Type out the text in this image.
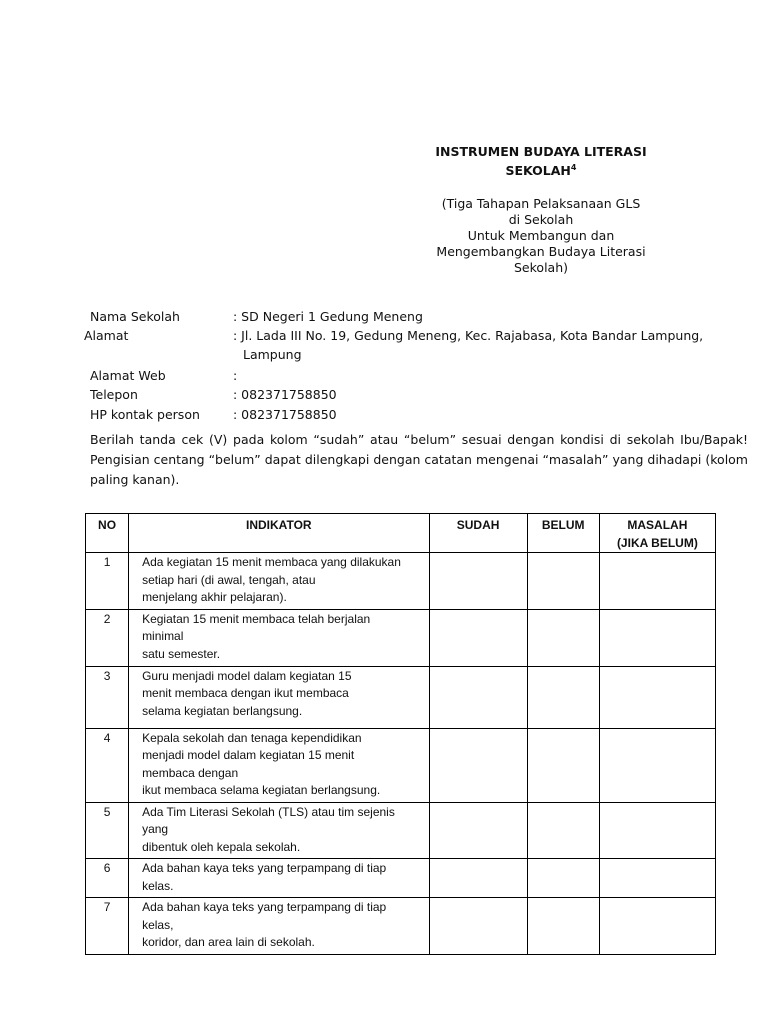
INSTRUMEN BUDAYA LITERASI
SEKOLAH$^4$
(Tiga Tahapan Pelaksanaan GLS
di Sekolah
Untuk Membangun dan
Mengembangkan Budaya Literasi
Sekolah)
Nama Sekolah	: SD Negeri 1 Gedung Meneng
Alamat	: Jl. Lada III No. 19, Gedung Meneng, Kec. Rajabasa, Kota Bandar Lampung,
Lampung
Alamat Web	:
Telepon	: 082371758850
HP kontak person	: 082371758850
Berilah tanda cek (V) pada kolom “sudah” atau “belum” sesuai dengan kondisi di sekolah Ibu/Bapak! Pengisian centang “belum” dapat dilengkapi dengan catatan mengenai “masalah” yang dihadapi (kolom paling kanan).
NO	INDIKATOR	SUDAH	BELUM	MASALAH
(JIKA BELUM)

1	Ada kegiatan 15 menit membaca yang dilakukan
setiap hari (di awal, tengah, atau
menjelang akhir pelajaran).			

2	Kegiatan 15 menit membaca telah berjalan
minimal
satu semester.			

3	Guru menjadi model dalam kegiatan 15
menit membaca dengan ikut membaca
selama kegiatan berlangsung.			

4	Kepala sekolah dan tenaga kependidikan
menjadi model dalam kegiatan 15 menit
membaca dengan
ikut membaca selama kegiatan berlangsung.			

5	Ada Tim Literasi Sekolah (TLS) atau tim sejenis
yang
dibentuk oleh kepala sekolah.			

6	Ada bahan kaya teks yang terpampang di tiap
kelas.			

7	Ada bahan kaya teks yang terpampang di tiap
kelas,
koridor, dan area lain di sekolah.			
